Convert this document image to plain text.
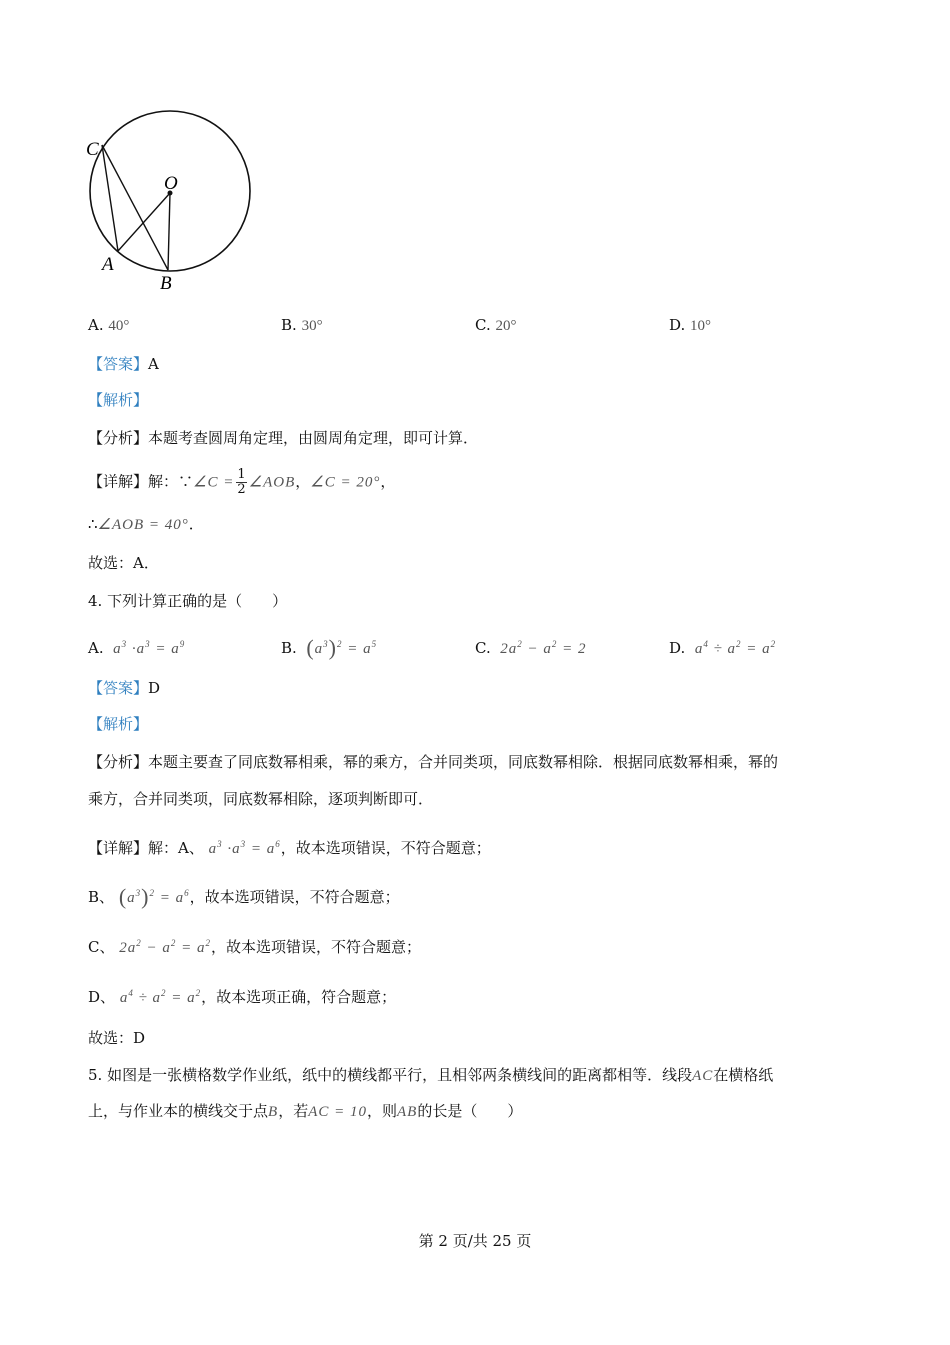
C
O
A
B
A. 40°	B. 30°	C. 20°	D. 10°
【答案】A
【解析】
【分析】本题考查圆周角定理，由圆周角定理，即可计算．
【详解】解：∵∠C = $\frac{1}{2}$ ∠AOB，∠C = 20°，
∴∠AOB = 40°．
故选：A．
4. 下列计算正确的是（　　）
A. $a^3 \cdot a^3 = a^9$	B. $(a^3)^2 = a^5$	C. $2a^2 - a^2 = 2$	D. $a^4 \div a^2 = a^2$
【答案】D
【解析】
【分析】本题主要查了同底数幂相乘，幂的乘方，合并同类项，同底数幂相除．根据同底数幂相乘，幂的
乘方，合并同类项，同底数幂相除，逐项判断即可．
【详解】解：A、 $a^3 \cdot a^3 = a^6$，故本选项错误，不符合题意；
B、 $(a^3)^2 = a^6$，故本选项错误，不符合题意；
C、 $2a^2 - a^2 = a^2$，故本选项错误，不符合题意；
D、 $a^4 \div a^2 = a^2$，故本选项正确，符合题意；
故选：D
5. 如图是一张横格数学作业纸，纸中的横线都平行，且相邻两条横线间的距离都相等．线段AC在横格纸
上，与作业本的横线交于点B，若AC = 10，则AB的长是（　　）
第 2 页/共 25 页
